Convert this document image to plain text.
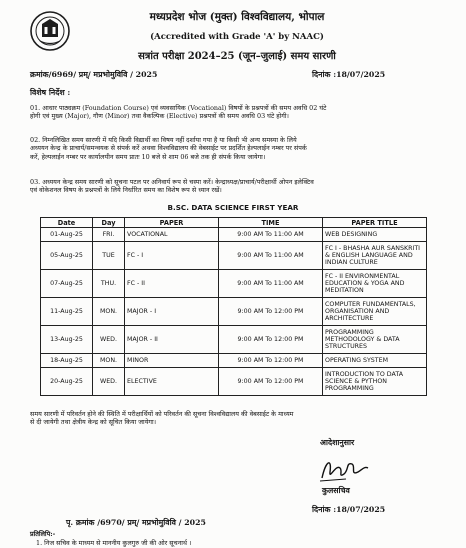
मध्यप्रदेश भोज (मुक्त) विश्वविद्यालय, भोपाल
(Accredited with Grade 'A' by NAAC)
सत्रांत परीक्षा 2024–25 (जून–जुलाई) समय सारणी
क्रमांक/6969/ प्रम्/ मप्रभोमुविवि / 2025	दिनांक :18/07/2025
विशेष निर्देश :
01. आधार पाठ्यक्रम (Foundation Course) एवं व्यवसायिक (Vocational) विषयों के प्रश्नपत्रों की समय अवधि 02 घंटे
होगी एवं मुख्य (Major), गौण (Minor) तथा वैकल्पिक (Elective) प्रश्नपत्रों की समय अवधि 03 घंटे होगी।
02. निम्नलिखित समय सारणी में यदि किसी विद्यार्थी का विषय नहीं दर्शाया गया है या किसी भी अन्य समस्या के लिये
अध्ययन केन्द्र के प्राचार्य/समन्वयक से संपर्क करें अथवा विश्वविद्यालय की वेबसाईट पर प्रदर्शित हेल्पलाईन नम्बर पर संपर्क
करें, हेल्पलाईन नम्बर पर कार्यालयीन समय प्रातः 10 बजे से शाम 06 बजे तक ही संपर्क किया जायेगा।
03. अध्ययन केन्द्र समय सारणी को सूचना पटल पर अनिवार्य रूप से चस्पा करें। केन्द्राध्यक्ष/प्राचार्य/परीक्षार्थी ओपन इलेक्टिव
एवं वोकेशनल विषय के प्रश्नपत्रों के लिये निर्धारित समय का विशेष रूप से ध्यान रखें।
B.SC. DATA SCIENCE FIRST YEAR
Date	Day	PAPER	TIME	PAPER TITLE
01-Aug-25	FRI.	VOCATIONAL	9:00 AM To 11:00 AM	WEB DESIGNING
05-Aug-25	TUE	FC - I	9:00 AM To 11:00 AM	FC I - BHASHA AUR SANSKRITI & ENGLISH LANGUAGE AND INDIAN CULTURE
07-Aug-25	THU.	FC - II	9:00 AM To 11:00 AM	FC - II ENVIRONMENTAL EDUCATION & YOGA AND MEDITATION
11-Aug-25	MON.	MAJOR - I	9:00 AM To 12:00 PM	COMPUTER FUNDAMENTALS, ORGANISATION AND ARCHITECTURE
13-Aug-25	WED.	MAJOR - II	9:00 AM To 12:00 PM	PROGRAMMING METHODOLOGY & DATA STRUCTURES
18-Aug-25	MON.	MINOR	9:00 AM To 12:00 PM	OPERATING SYSTEM
20-Aug-25	WED.	ELECTIVE	9:00 AM To 12:00 PM	INTRODUCTION TO DATA SCIENCE & PYTHON PROGRAMMING
समय सारणी में परिवर्तन होने की स्थिति में परीक्षार्थियों को परिवर्तन की सूचना विश्वविद्यालय की वेबसाईट के माध्यम
से दी जायेगी तथा क्षेत्रीय केन्द्र को सूचित किया जायेगा।
आदेशानुसार
कुलसचिव
पृ. क्रमांक /6970/ प्रम्/ मप्रभोमुविवि / 2025
दिनांक :18/07/2025
प्रतिलिपि:-
1. निज सचिव के माध्यम से माननीय कुलगुरु जी की ओर सूचनार्थ ।
